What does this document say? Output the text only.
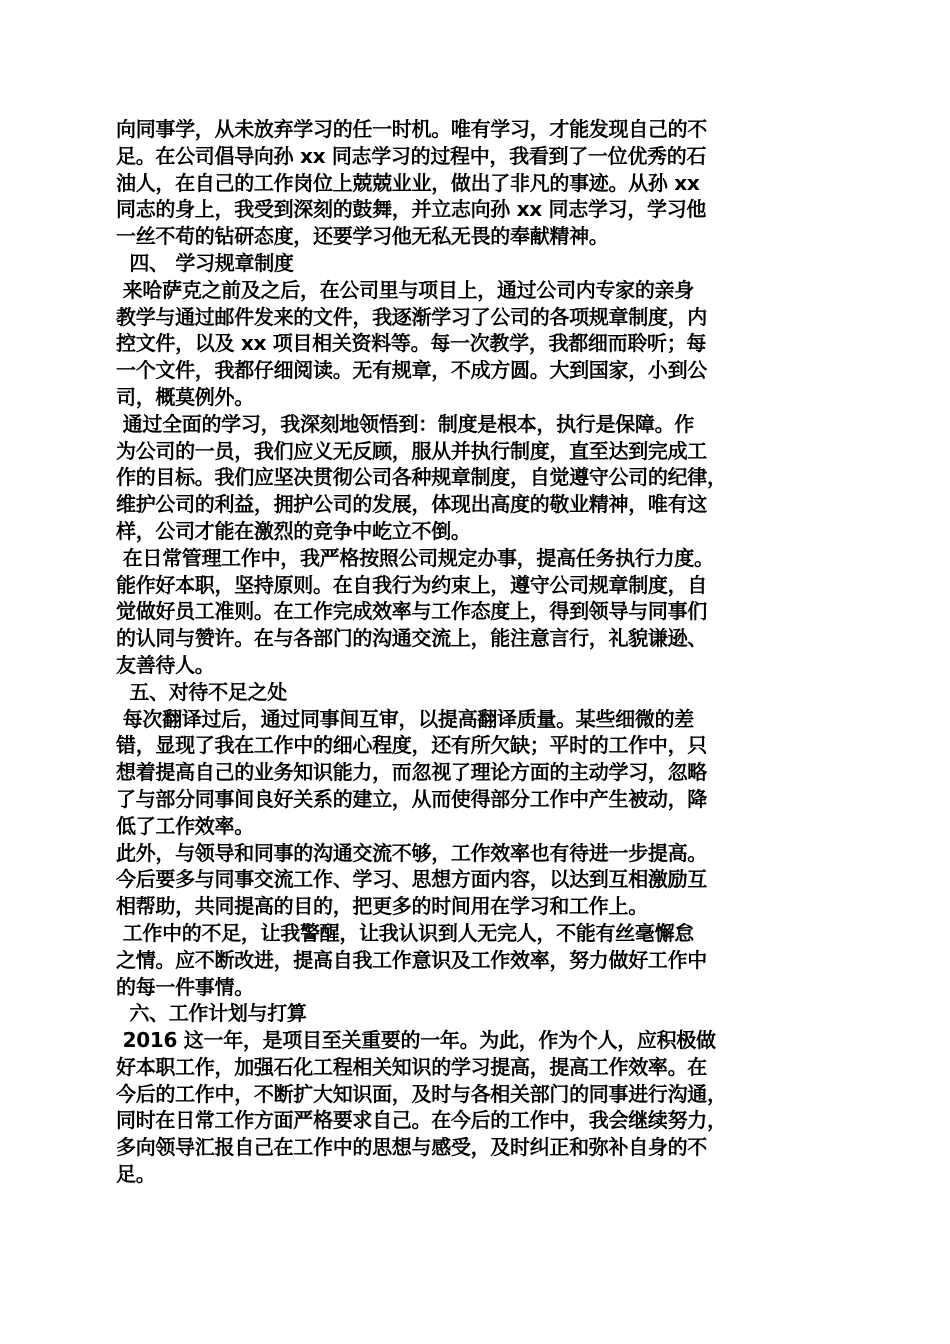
向同事学，从未放弃学习的任一时机。唯有学习，才能发现自己的不
足。在公司倡导向孙 xx 同志学习的过程中，我看到了一位优秀的石
油人，在自己的工作岗位上兢兢业业，做出了非凡的事迹。从孙 xx
同志的身上，我受到深刻的鼓舞，并立志向孙 xx 同志学习，学习他
一丝不苟的钻研态度，还要学习他无私无畏的奉献精神。
四、 学习规章制度
来哈萨克之前及之后，在公司里与项目上，通过公司内专家的亲身
教学与通过邮件发来的文件，我逐渐学习了公司的各项规章制度，内
控文件，以及 xx 项目相关资料等。每一次教学，我都细而聆听；每
一个文件，我都仔细阅读。无有规章，不成方圆。大到国家，小到公
司，概莫例外。
通过全面的学习，我深刻地领悟到：制度是根本，执行是保障。作
为公司的一员，我们应义无反顾，服从并执行制度，直至达到完成工
作的目标。我们应坚决贯彻公司各种规章制度，自觉遵守公司的纪律，
维护公司的利益，拥护公司的发展，体现出高度的敬业精神，唯有这
样，公司才能在激烈的竞争中屹立不倒。
在日常管理工作中，我严格按照公司规定办事，提高任务执行力度。
能作好本职，坚持原则。在自我行为约束上，遵守公司规章制度，自
觉做好员工准则。在工作完成效率与工作态度上，得到领导与同事们
的认同与赞许。在与各部门的沟通交流上，能注意言行，礼貌谦逊、
友善待人。
五、对待不足之处
每次翻译过后，通过同事间互审，以提高翻译质量。某些细微的差
错，显现了我在工作中的细心程度，还有所欠缺；平时的工作中，只
想着提高自己的业务知识能力，而忽视了理论方面的主动学习，忽略
了与部分同事间良好关系的建立，从而使得部分工作中产生被动，降
低了工作效率。
此外，与领导和同事的沟通交流不够，工作效率也有待进一步提高。
今后要多与同事交流工作、学习、思想方面内容，以达到互相激励互
相帮助，共同提高的目的，把更多的时间用在学习和工作上。
工作中的不足，让我警醒，让我认识到人无完人，不能有丝毫懈怠
之情。应不断改进，提高自我工作意识及工作效率，努力做好工作中
的每一件事情。
六、工作计划与打算
2016 这一年，是项目至关重要的一年。为此，作为个人，应积极做
好本职工作，加强石化工程相关知识的学习提高，提高工作效率。在
今后的工作中，不断扩大知识面，及时与各相关部门的同事进行沟通，
同时在日常工作方面严格要求自己。在今后的工作中，我会继续努力，
多向领导汇报自己在工作中的思想与感受，及时纠正和弥补自身的不
足。
